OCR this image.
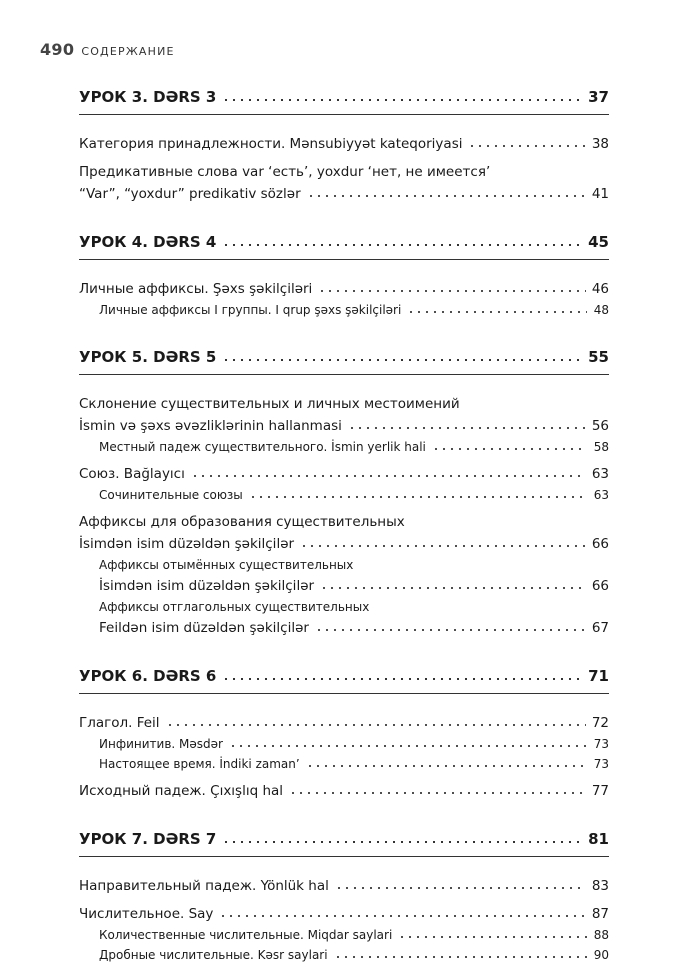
490 СОДЕРЖАНИЕ
УРОК 3. DƏRS 3	37
Категория принадлежности. Mənsubiyyət kateqoriyasi	38
Предикативные слова var ‘есть’, yoxdur ‘нет, не имеется’
“Var”, “yoxdur” predikativ sözlər	41
УРОК 4. DƏRS 4	45
Личные аффиксы. Şəxs şəkilçiləri	46
Личные аффиксы I группы. I qrup şəxs şəkilçiləri	48
УРОК 5. DƏRS 5	55
Склонение существительных и личных местоимений
İsmin və şəxs əvəzliklərinin hallanmasi	56
Местный падеж существительного. İsmin yerlik hali	58
Союз. Bağlayıcı	63
Сочинительные союзы	63
Аффиксы для образования существительных
İsimdən isim düzəldən şəkilçilər	66
Аффиксы отымённых существительных
İsimdən isim düzəldən şəkilçilər	66
Аффиксы отглагольных существительных
Feildən isim düzəldən şəkilçilər	67
УРОК 6. DƏRS 6	71
Глагол. Feil	72
Инфинитив. Məsdər	73
Настоящее время. İndiki zaman’	73
Исходный падеж. Çıxışlıq hal	77
УРОК 7. DƏRS 7	81
Направительный падеж. Yönlük hal	83
Числительное. Say	87
Количественные числительные. Miqdar saylari	88
Дробные числительные. Kəsr saylari	90
